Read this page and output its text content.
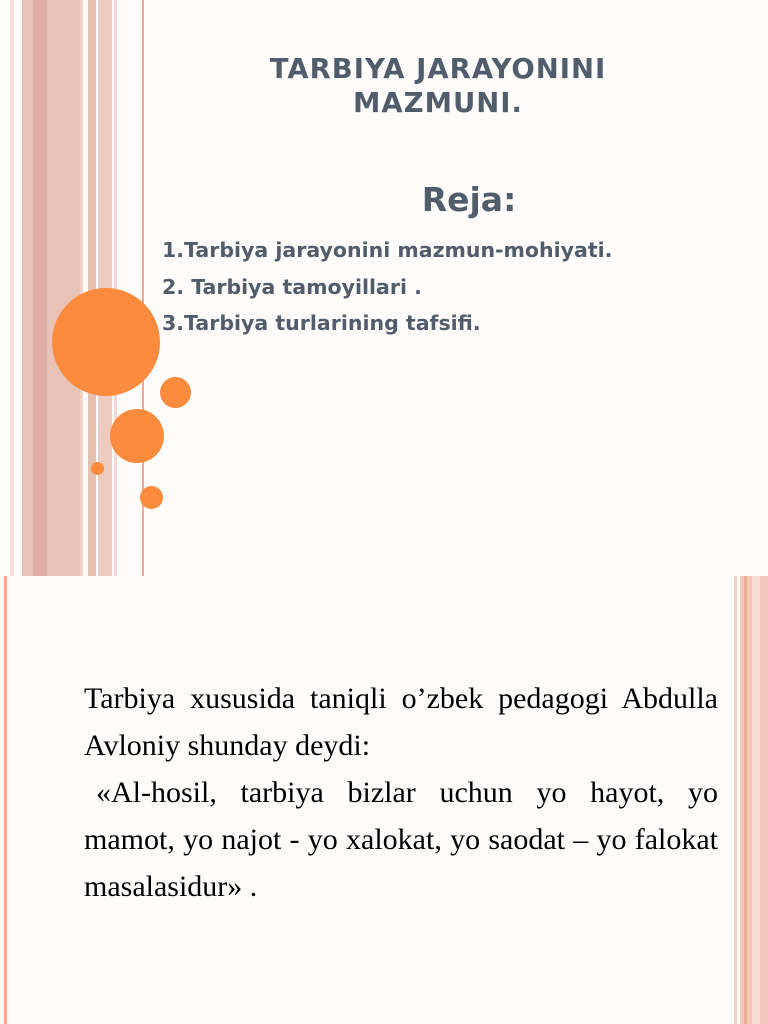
TARBIYA JARAYONINI
MAZMUNI.
Reja:
1.Tarbiya jarayonini mazmun-mohiyati.
2. Tarbiya tamoyillari .
3.Tarbiya turlarining tafsifi.

Tarbiya xususida taniqli o’zbek pedagogi Abdulla Avloniy shunday deydi:
«Al-hosil, tarbiya bizlar uchun yo hayot, yo mamot, yo najot - yo xalokat, yo saodat – yo falokat masalasidur» .
